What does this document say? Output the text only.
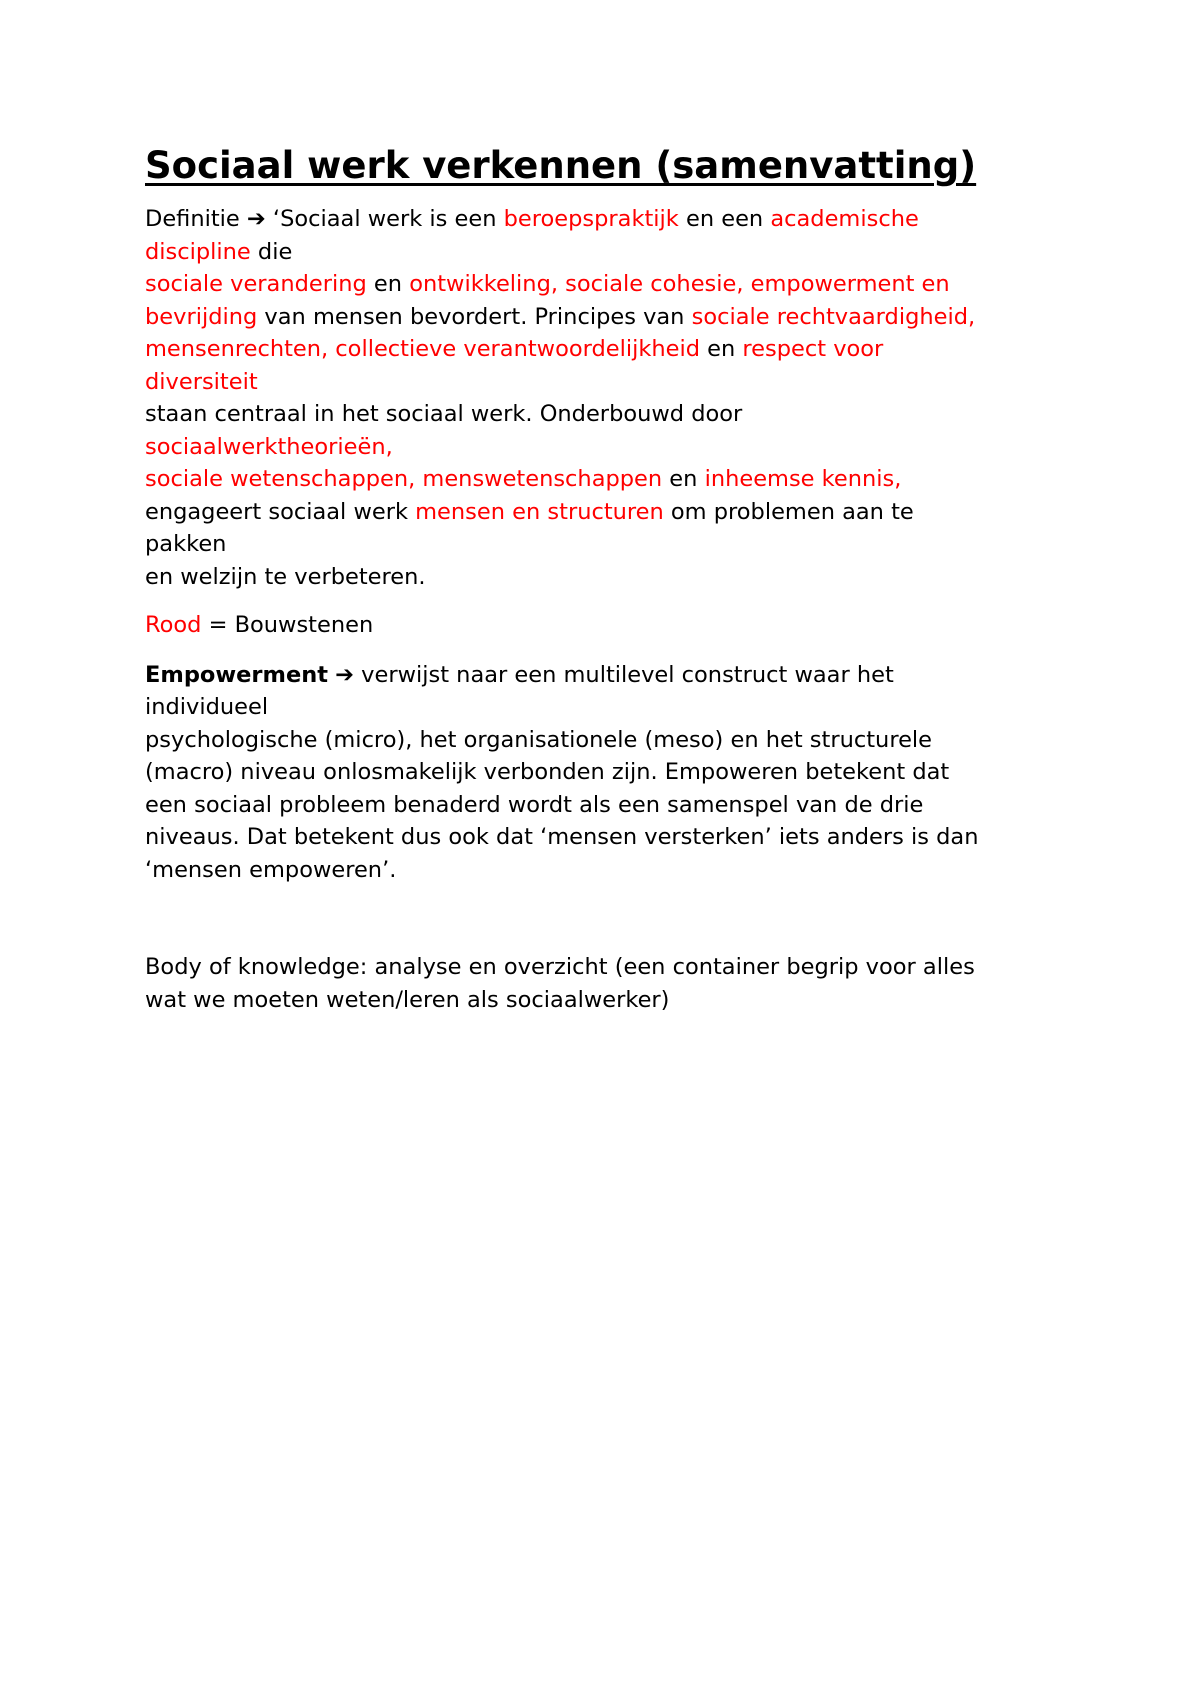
Sociaal werk verkennen (samenvatting)
Definitie ➔ ‘Sociaal werk is een beroepspraktijk en een academische
discipline die
sociale verandering en ontwikkeling, sociale cohesie, empowerment en
bevrijding van mensen bevordert. Principes van sociale rechtvaardigheid,
mensenrechten, collectieve verantwoordelijkheid en respect voor
diversiteit
staan centraal in het sociaal werk. Onderbouwd door
sociaalwerktheorieën,
sociale wetenschappen, menswetenschappen en inheemse kennis,
engageert sociaal werk mensen en structuren om problemen aan te
pakken
en welzijn te verbeteren.
Rood = Bouwstenen
Empowerment ➔ verwijst naar een multilevel construct waar het
individueel
psychologische (micro), het organisationele (meso) en het structurele
(macro) niveau onlosmakelijk verbonden zijn. Empoweren betekent dat
een sociaal probleem benaderd wordt als een samenspel van de drie
niveaus. Dat betekent dus ook dat ‘mensen versterken’ iets anders is dan
‘mensen empoweren’.
Body of knowledge: analyse en overzicht (een container begrip voor alles
wat we moeten weten/leren als sociaalwerker)
